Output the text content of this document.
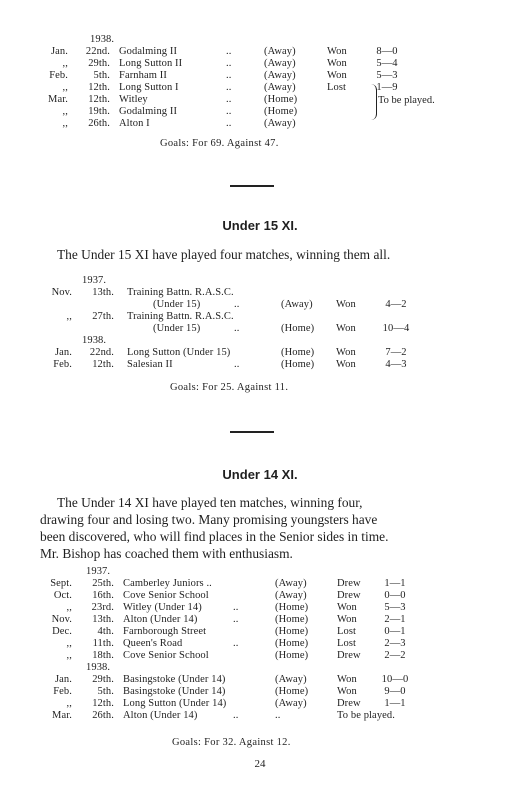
1938.
Jan.	22nd. Godalming II	..	(Away)	Won	8—0
,,	29th. Long Sutton II	..	(Away)	Won	5—4
Feb.	5th. Farnham II	..	(Away)	Won	5—3
,,	12th. Long Sutton I	..	(Away)	Lost	1—9
Mar.	12th. Witley	..	(Home)
,,	19th. Godalming II	..	(Home)
,,	26th. Alton I	..	(Away)
To be played.
Goals: For 69. Against 47.
Under 15 XI.
The Under 15 XI have played four matches, winning them all.
1937.
Nov.	13th. Training Battn. R.A.S.C.
(Under 15)	..	(Away) Won	4—2
,,	27th. Training Battn. R.A.S.C.
(Under 15)	..	(Home) Won	10—4
1938.
Jan.	22nd. Long Sutton (Under 15)	(Home) Won	7—2
Feb.	12th. Salesian II	..	(Home) Won	4—3
Goals: For 25. Against 11.
Under 14 XI.

The Under 14 XI have played ten matches, winning four,

drawing four and losing two. Many promising youngsters have

been discovered, who will find places in the Senior sides in time.

Mr. Bishop has coached them with enthusiasm.

1937.
Sept.	25th. Camberley Juniors ..	(Away)	Drew	1—1
Oct.	16th. Cove Senior School	(Away)	Drew	0—0
,,	23rd. Witley (Under 14)	..	(Home)	Won	5—3
Nov.	13th. Alton (Under 14)	..	(Home)	Won	2—1
Dec.	4th. Farnborough Street	(Home)	Lost	0—1
,,	11th. Queen's Road	..	(Home)	Lost	2—3
,,	18th. Cove Senior School	(Home)	Drew	2—2
1938.
Jan.	29th. Basingstoke (Under 14)	(Away)	Won	10—0
Feb.	5th. Basingstoke (Under 14)	(Home)	Won	9—0
,,	12th. Long Sutton (Under 14)	(Away)	Drew	1—1
Mar.	26th. Alton (Under 14)	..	..	To be played.
Goals: For 32. Against 12.
24
